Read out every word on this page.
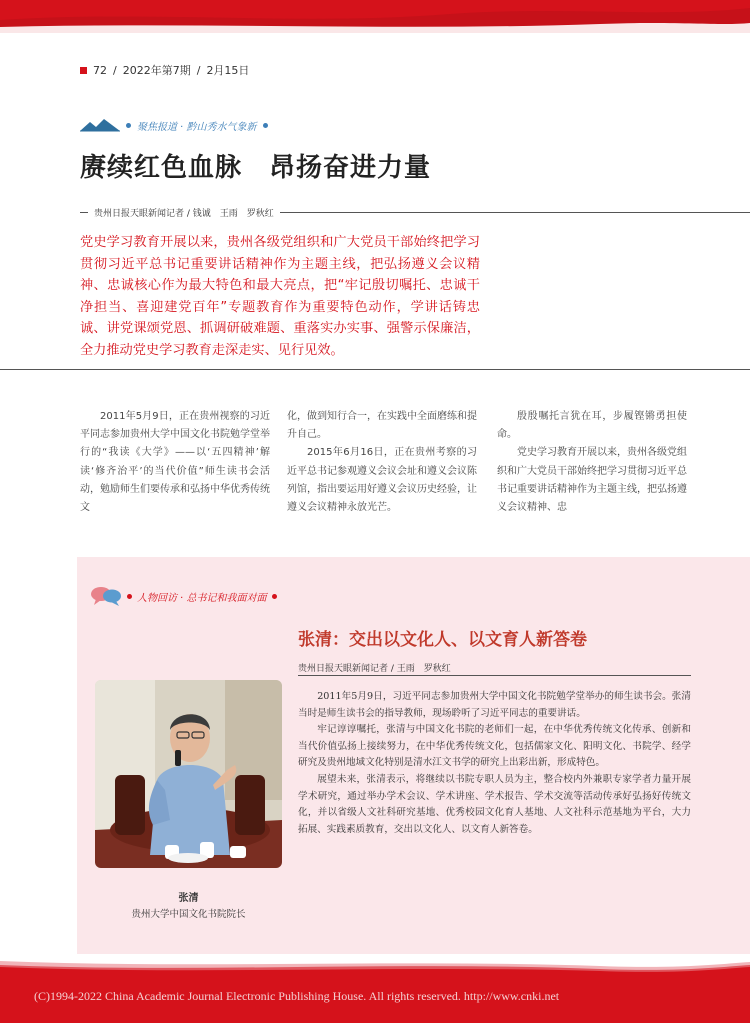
72 / 2022年第7期 / 2月15日
聚焦报道 · 黔山秀水气象新
赓续红色血脉　昂扬奋进力量
贵州日报天眼新闻记者 / 钱诚　王雨　罗秋红
党史学习教育开展以来，贵州各级党组织和广大党员干部始终把学习贯彻习近平总书记重要讲话精神作为主题主线，把弘扬遵义会议精神、忠诚核心作为最大特色和最大亮点，把“牢记殷切嘱托、忠诚干净担当、喜迎建党百年”专题教育作为重要特色动作，学讲话铸忠诚、讲党课颂党恩、抓调研破难题、重落实办实事、强警示保廉洁，全力推动党史学习教育走深走实、见行见效。

2011年5月9日，正在贵州视察的习近平同志参加贵州大学中国文化书院勉学堂举行的“我读《大学》——以‘五四精神’解读‘修齐治平’的当代价值”师生读书会活动，勉励师生们要传承和弘扬中华优秀传统文

化，做到知行合一，在实践中全面磨练和提升自己。

2015年6月16日，正在贵州考察的习近平总书记参观遵义会议会址和遵义会议陈列馆，指出要运用好遵义会议历史经验，让遵义会议精神永放光芒。

殷殷嘱托言犹在耳，步履铿锵勇担使命。

党史学习教育开展以来，贵州各级党组织和广大党员干部始终把学习贯彻习近平总书记重要讲话精神作为主题主线，把弘扬遵义会议精神、忠

人物回访 · 总书记和我面对面
张清：交出以文化人、以文育人新答卷
贵州日报天眼新闻记者 / 王雨　罗秋红
张清
贵州大学中国文化书院院长

2011年5月9日，习近平同志参加贵州大学中国文化书院勉学堂举办的师生读书会。张清当时是师生读书会的指导教师，现场聆听了习近平同志的重要讲话。

牢记谆谆嘱托，张清与中国文化书院的老师们一起，在中华优秀传统文化传承、创新和当代价值弘扬上接续努力，在中华优秀传统文化，包括儒家文化、阳明文化、书院学、经学研究及贵州地域文化特别是清水江文书学的研究上出彩出新，形成特色。

展望未来，张清表示，将继续以书院专职人员为主，整合校内外兼职专家学者力量开展学术研究，通过举办学术会议、学术讲座、学术报告、学术交流等活动传承好弘扬好传统文化，并以省级人文社科研究基地、优秀校园文化育人基地、人文社科示范基地为平台，大力拓展、实践素质教育，交出以文化人、以文育人新答卷。

(C)1994-2022 China Academic Journal Electronic Publishing House. All rights reserved. http://www.cnki.net
